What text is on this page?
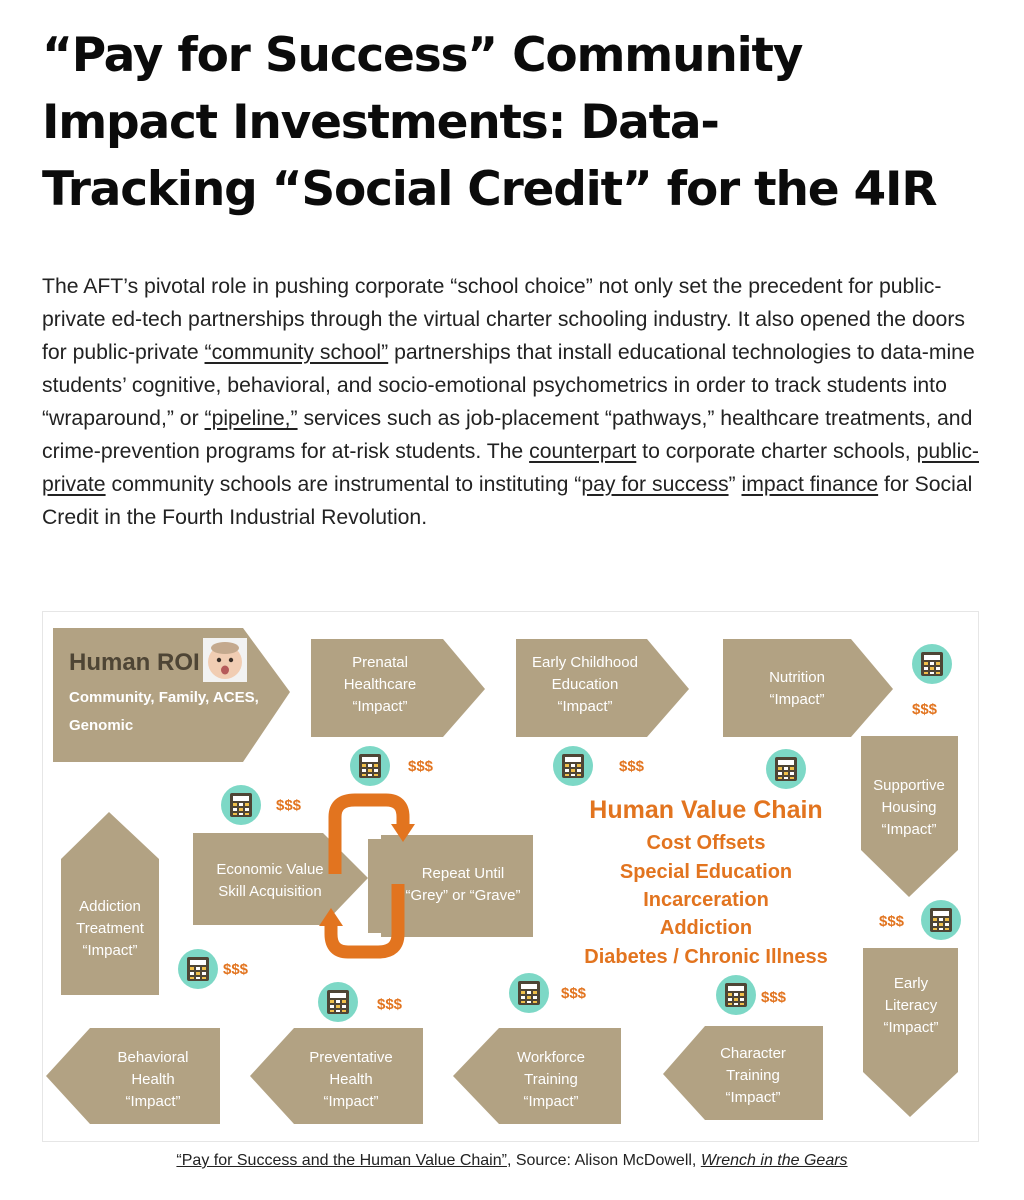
“Pay for Success” Community
Impact Investments: Data-
Tracking “Social Credit” for the 4IR

The AFT’s pivotal role in pushing corporate “school choice” not only set the precedent for public-private ed-tech partnerships through the virtual charter schooling industry. It also opened the doors for public-private “community school” partnerships that install educational technologies to data-mine students’ cognitive, behavioral, and socio-emotional psychometrics in order to track students into “wraparound,” or “pipeline,” services such as job-placement “pathways,” healthcare treatments, and crime-prevention programs for at-risk students. The counterpart to corporate charter schools, public-private community schools are instrumental to instituting “pay for success” impact finance for Social Credit in the Fourth Industrial Revolution.

Human ROI
Community, Family, ACES,
Genomic
Prenatal
Healthcare
“Impact”
Early Childhood
Education
“Impact”
Nutrition
“Impact”
Supportive
Housing
“Impact”
Early
Literacy
“Impact”
Character
Training
“Impact”
Workforce
Training
“Impact”
Preventative
Health
“Impact”
Behavioral
Health
“Impact”
Addiction
Treatment
“Impact”
Economic Value
Skill Acquisition
Repeat Until
“Grey” or “Grave”
Human Value Chain
Cost Offsets
Special Education
Incarceration
Addiction
Diabetes / Chronic Illness
$$$
$$$	$$$
$$$
$$$
$$$
$$$
$$$	$$$
“Pay for Success and the Human Value Chain”, Source: Alison McDowell, Wrench in the Gears
